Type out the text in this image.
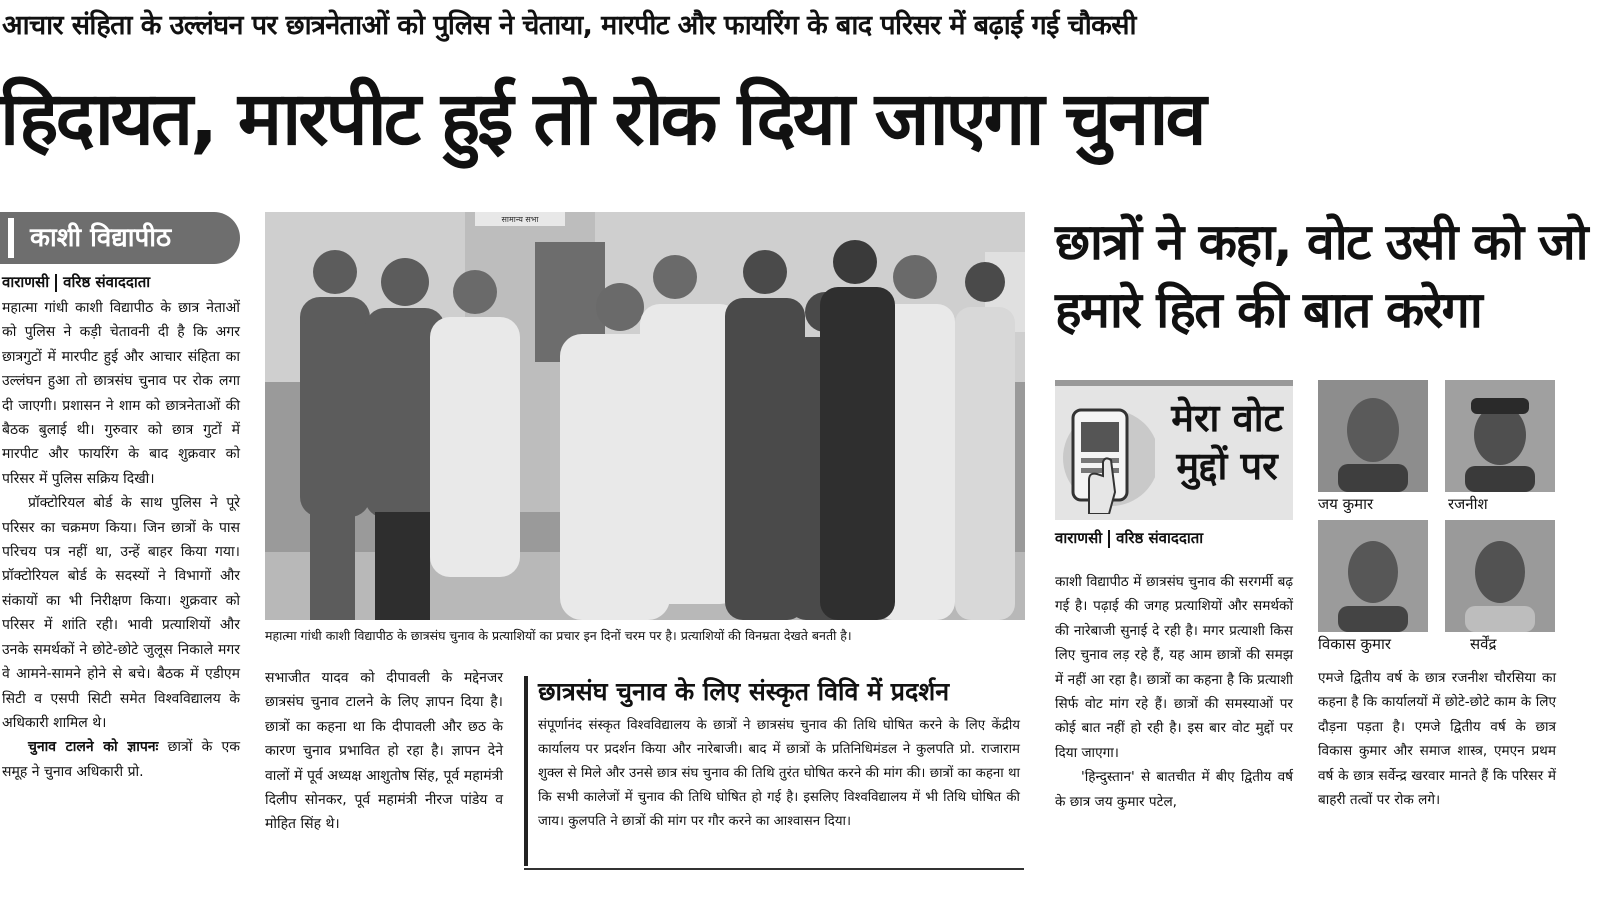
आचार संहिता के उल्लंघन पर छात्रनेताओं को पुलिस ने चेताया, मारपीट और फायरिंग के बाद परिसर में बढ़ाई गई चौकसी
हिदायत, मारपीट हुई तो रोक दिया जाएगा चुनाव
काशी विद्यापीठ
वाराणसी वरिष्ठ संवाददाता

महात्मा गांधी काशी विद्यापीठ के छात्र नेताओं को पुलिस ने कड़ी चेतावनी दी है कि अगर छात्रगुटों में मारपीट हुई और आचार संहिता का उल्लंघन हुआ तो छात्रसंघ चुनाव पर रोक लगा दी जाएगी। प्रशासन ने शाम को छात्रनेताओं की बैठक बुलाई थी। गुरुवार को छात्र गुटों में मारपीट और फायरिंग के बाद शुक्रवार को परिसर में पुलिस सक्रिय दिखी।

प्रॉक्टोरियल बोर्ड के साथ पुलिस ने पूरे परिसर का चक्रमण किया। जिन छात्रों के पास परिचय पत्र नहीं था, उन्हें बाहर किया गया। प्रॉक्टोरियल बोर्ड के सदस्यों ने विभागों और संकायों का भी निरीक्षण किया। शुक्रवार को परिसर में शांति रही। भावी प्रत्याशियों और उनके समर्थकों ने छोटे-छोटे जुलूस निकाले मगर वे आमने-सामने होने से बचे। बैठक में एडीएम सिटी व एसपी सिटी समेत विश्वविद्यालय के अधिकारी शामिल थे।

चुनाव टालने को ज्ञापनः छात्रों के एक समूह ने चुनाव अधिकारी प्रो.

सामान्य सभा
महात्मा गांधी काशी विद्यापीठ के छात्रसंघ चुनाव के प्रत्याशियों का प्रचार इन दिनों चरम पर है। प्रत्याशियों की विनम्रता देखते बनती है।

सभाजीत यादव को दीपावली के मद्देनजर छात्रसंघ चुनाव टालने के लिए ज्ञापन दिया है। छात्रों का कहना था कि दीपावली और छठ के कारण चुनाव प्रभावित हो रहा है। ज्ञापन देने वालों में पूर्व अध्यक्ष आशुतोष सिंह, पूर्व महामंत्री दिलीप सोनकर, पूर्व महामंत्री नीरज पांडेय व मोहित सिंह थे।

छात्रसंघ चुनाव के लिए संस्कृत विवि में प्रदर्शन

संपूर्णानंद संस्कृत विश्वविद्यालय के छात्रों ने छात्रसंघ चुनाव की तिथि घोषित करने के लिए केंद्रीय कार्यालय पर प्रदर्शन किया और नारेबाजी। बाद में छात्रों के प्रतिनिधिमंडल ने कुलपति प्रो. राजाराम शुक्ल से मिले और उनसे छात्र संघ चुनाव की तिथि तुरंत घोषित करने की मांग की। छात्रों का कहना था कि सभी कालेजों में चुनाव की तिथि घोषित हो गई है। इसलिए विश्वविद्यालय में भी तिथि घोषित की जाय। कुलपति ने छात्रों की मांग पर गौर करने का आश्वासन दिया।

छात्रों ने कहा, वोट उसी को जो हमारे हित की बात करेगा
मेरा वोट मुद्दों पर
वाराणसी वरिष्ठ संवाददाता

काशी विद्यापीठ में छात्रसंघ चुनाव की सरगर्मी बढ़ गई है। पढ़ाई की जगह प्रत्याशियों और समर्थकों की नारेबाजी सुनाई दे रही है। मगर प्रत्याशी किस लिए चुनाव लड़ रहे हैं, यह आम छात्रों की समझ में नहीं आ रहा है। छात्रों का कहना है कि प्रत्याशी सिर्फ वोट मांग रहे हैं। छात्रों की समस्याओं पर कोई बात नहीं हो रही है। इस बार वोट मुद्दों पर दिया जाएगा।

'हिन्दुस्तान' से बातचीत में बीए द्वितीय वर्ष के छात्र जय कुमार पटेल,

एमजे द्वितीय वर्ष के छात्र रजनीश चौरसिया का कहना है कि कार्यालयों में छोटे-छोटे काम के लिए दौड़ना पड़ता है। एमजे द्वितीय वर्ष के छात्र विकास कुमार और समाज शास्त्र, एमएन प्रथम वर्ष के छात्र सर्वेन्द्र खरवार मानते हैं कि परिसर में बाहरी तत्वों पर रोक लगे।

जय कुमार	रजनीश
विकास कुमार	सर्वेंद्र
